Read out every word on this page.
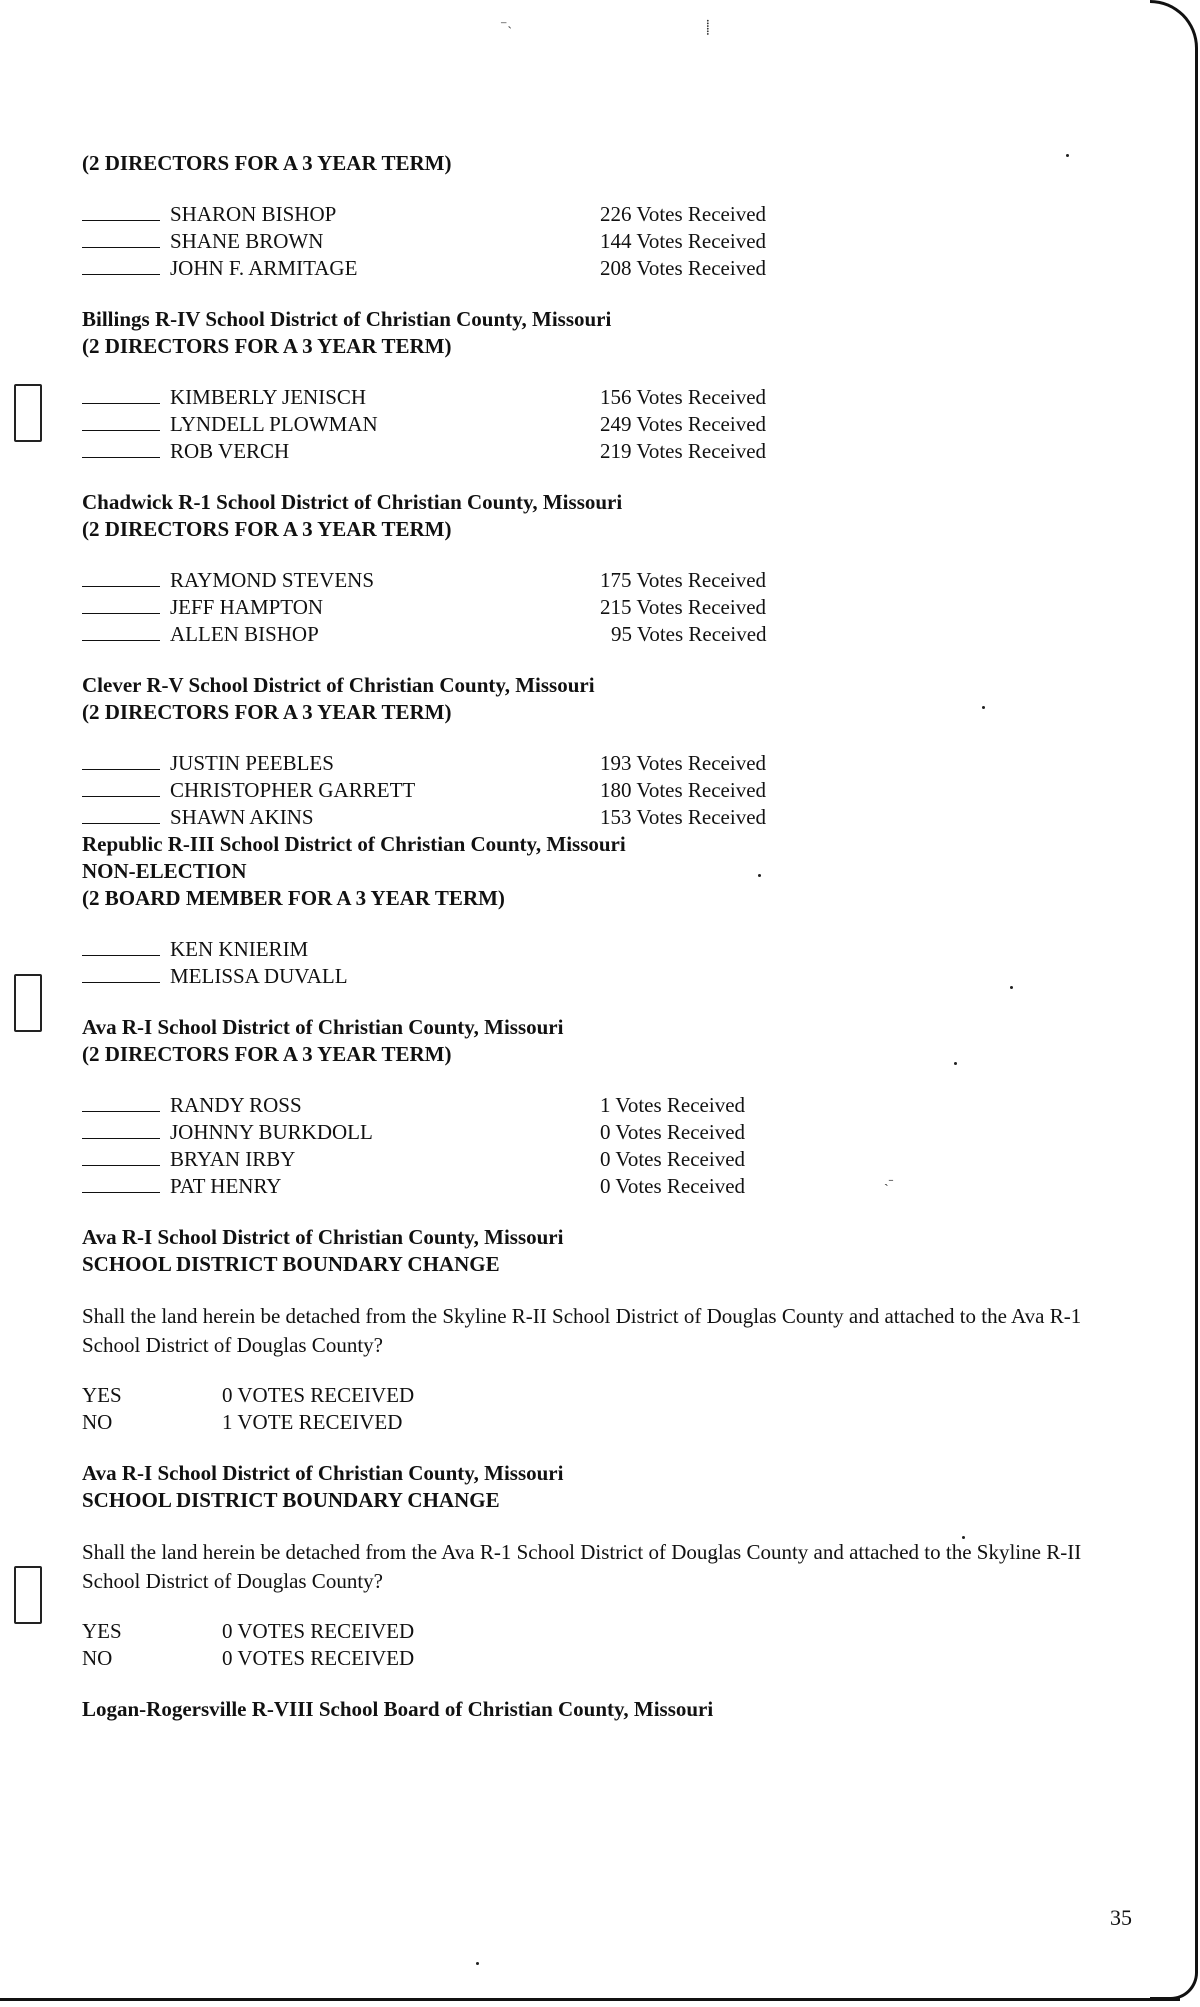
⁻˴	⸽
ˏ˗
(2 DIRECTORS FOR A 3 YEAR TERM)
SHARON BISHOP	226 Votes Received
SHANE BROWN	144 Votes Received
JOHN F. ARMITAGE	208 Votes Received
Billings R-IV School District of Christian County, Missouri
(2 DIRECTORS FOR A 3 YEAR TERM)
KIMBERLY JENISCH	156 Votes Received
LYNDELL PLOWMAN	249 Votes Received
ROB VERCH	219 Votes Received
Chadwick R-1 School District of Christian County, Missouri
(2 DIRECTORS FOR A 3 YEAR TERM)
RAYMOND STEVENS	175 Votes Received
JEFF HAMPTON	215 Votes Received
ALLEN BISHOP	95 Votes Received
Clever R-V School District of Christian County, Missouri
(2 DIRECTORS FOR A 3 YEAR TERM)
JUSTIN PEEBLES	193 Votes Received
CHRISTOPHER GARRETT	180 Votes Received
SHAWN AKINS	153 Votes Received
Republic R-III School District of Christian County, Missouri
NON-ELECTION
(2 BOARD MEMBER FOR A 3 YEAR TERM)
KEN KNIERIM
MELISSA DUVALL
Ava R-I School District of Christian County, Missouri
(2 DIRECTORS FOR A 3 YEAR TERM)
RANDY ROSS	1 Votes Received
JOHNNY BURKDOLL	0 Votes Received
BRYAN IRBY	0 Votes Received
PAT HENRY	0 Votes Received
Ava R-I School District of Christian County, Missouri
SCHOOL DISTRICT BOUNDARY CHANGE

Shall the land herein be detached from the Skyline R-II School District of Douglas County and attached to the Ava R-1 School District of Douglas County?

YES	0 VOTES RECEIVED
NO	1 VOTE RECEIVED
Ava R-I School District of Christian County, Missouri
SCHOOL DISTRICT BOUNDARY CHANGE

Shall the land herein be detached from the Ava R-1 School District of Douglas County and attached to the Skyline R-II School District of Douglas County?

YES	0 VOTES RECEIVED
NO	0 VOTES RECEIVED
Logan-Rogersville R-VIII School Board of Christian County, Missouri
35
